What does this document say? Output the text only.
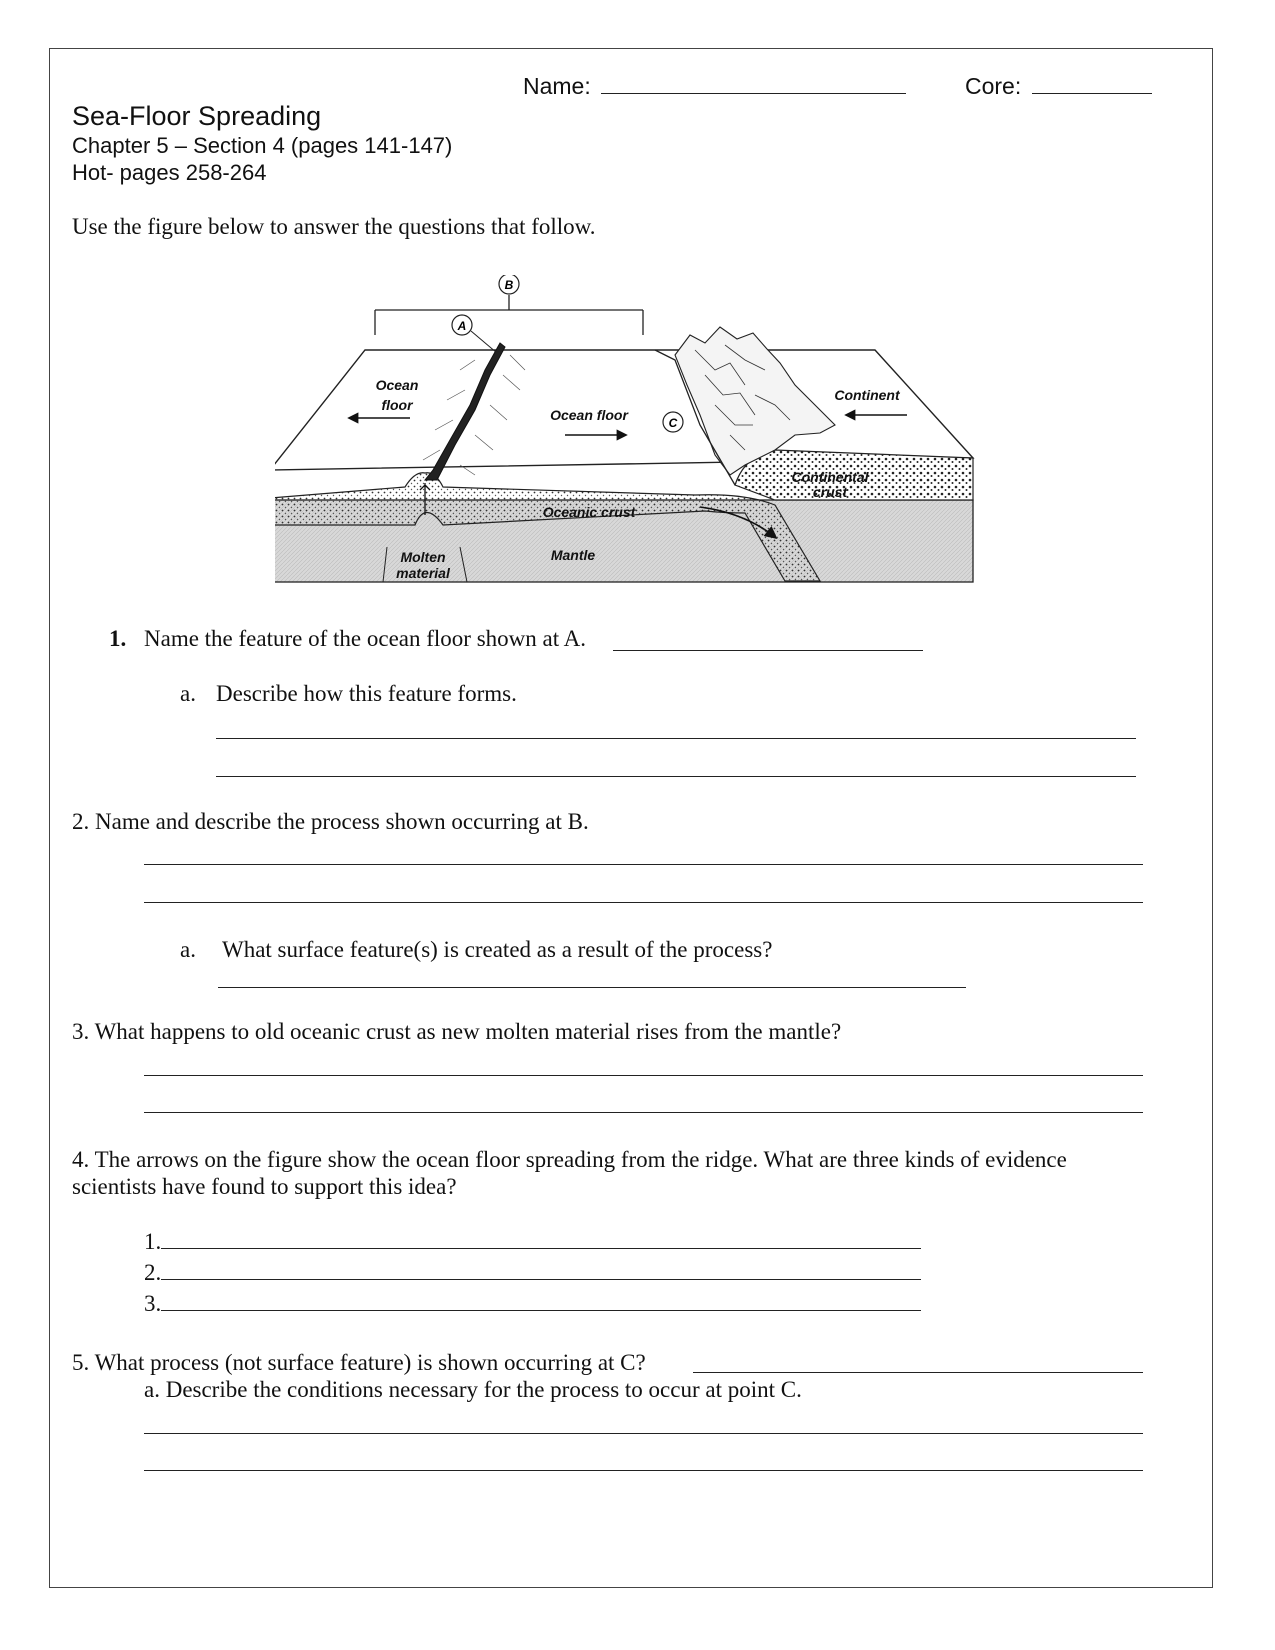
Name:	Core:
Sea-Floor Spreading
Chapter 5 – Section 4 (pages 141-147)
Hot- pages 258-264
Use the figure below to answer the questions that follow.
B
A
C
Ocean
floor
Ocean floor
Continent
Continental
crust
Oceanic crust
Mantle
Molten
material
1. Name the feature of the ocean floor shown at A.
a. Describe how this feature forms.
2. Name and describe the process shown occurring at B.
a. What surface feature(s) is created as a result of the process?
3. What happens to old oceanic crust as new molten material rises from the mantle?
4. The arrows on the figure show the ocean floor spreading from the ridge. What are three kinds of evidence
scientists have found to support this idea?
1.
2.
3.
5. What process (not surface feature) is shown occurring at C?
a. Describe the conditions necessary for the process to occur at point C.
